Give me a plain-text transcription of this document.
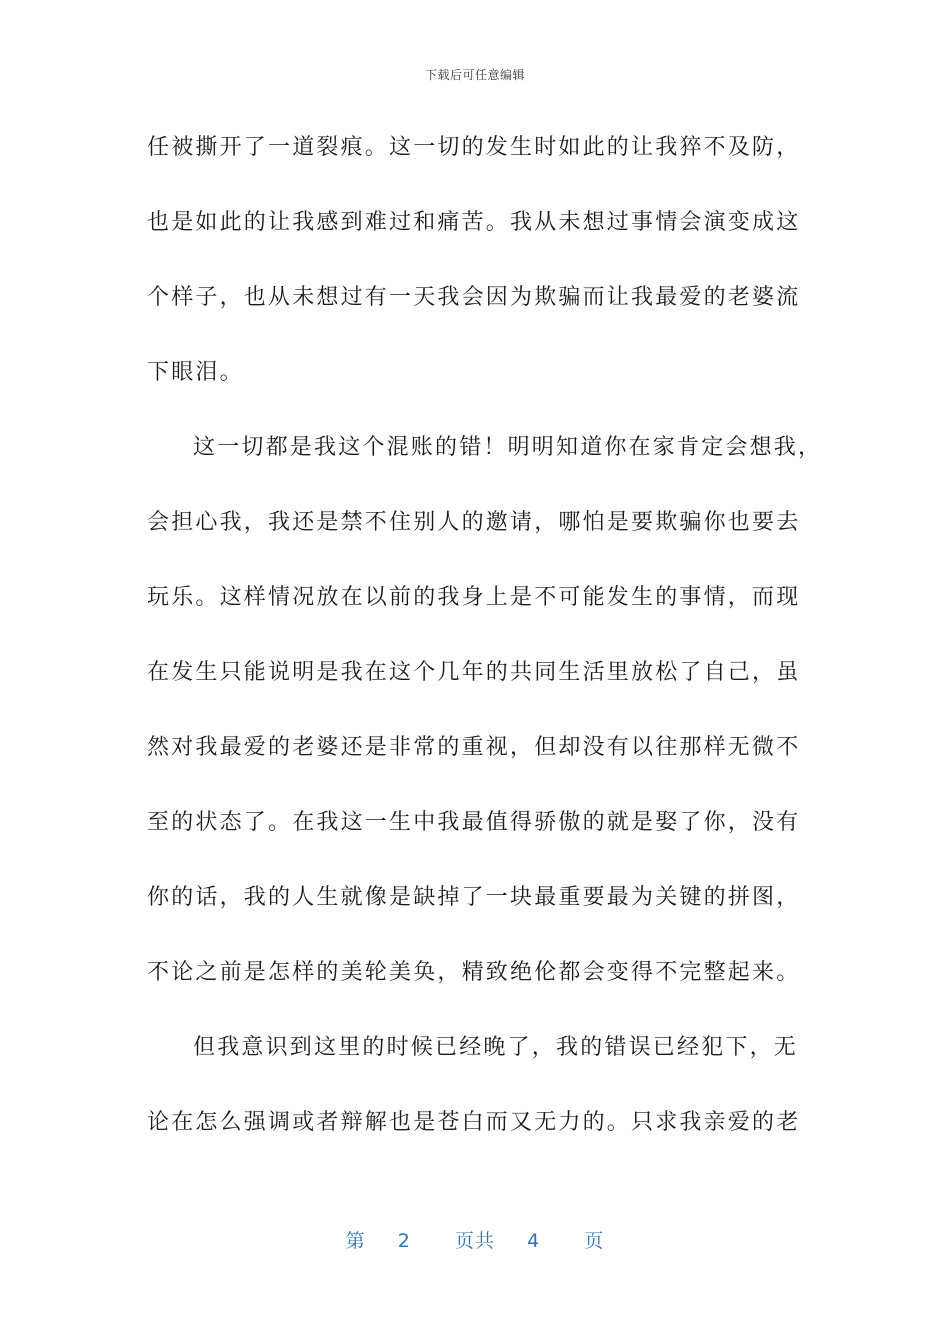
下载后可任意编辑
任被撕开了一道裂痕。这一切的发生时如此的让我猝不及防，
也是如此的让我感到难过和痛苦。我从未想过事情会演变成这
个样子，也从未想过有一天我会因为欺骗而让我最爱的老婆流
下眼泪。
这一切都是我这个混账的错！明明知道你在家肯定会想我，
会担心我，我还是禁不住别人的邀请，哪怕是要欺骗你也要去
玩乐。这样情况放在以前的我身上是不可能发生的事情，而现
在发生只能说明是我在这个几年的共同生活里放松了自己，虽
然对我最爱的老婆还是非常的重视，但却没有以往那样无微不
至的状态了。在我这一生中我最值得骄傲的就是娶了你，没有
你的话，我的人生就像是缺掉了一块最重要最为关键的拼图，
不论之前是怎样的美轮美奂，精致绝伦都会变得不完整起来。
但我意识到这里的时候已经晚了，我的错误已经犯下，无
论在怎么强调或者辩解也是苍白而又无力的。只求我亲爱的老
第 2 页共 4 页
